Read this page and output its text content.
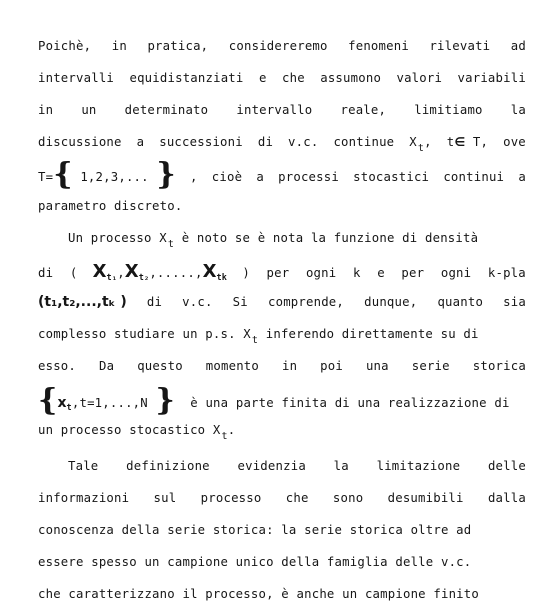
Poichè, in pratica, considereremo fenomeni rilevati ad
intervalli equidistanziati e che assumono valori variabili
in un determinato intervallo reale, limitiamo la
discussione a successioni di v.c. continue $X_t$, t∈ T, ove
T={ 1,2,3,... } , cioè a processi stocastici continui a
parametro discreto.
Un processo $X_t$ è noto se è nota la funzione di densità
di ( $X_{t_1},X_{t_2},.....,X_{tk}$ ) per ogni k e per ogni k-pla
(t₁,t₂,...,tₖ ) di v.c. Si comprende, dunque, quanto sia
complesso studiare un p.s. $X_t$ inferendo direttamente su di
esso. Da questo momento in poi una serie storica
{$x_t,t=1,...,N$ } è una parte finita di una realizzazione di
un processo stocastico $X_t$.
Tale definizione evidenzia la limitazione delle
informazioni sul processo che sono desumibili dalla
conoscenza della serie storica: la serie storica oltre ad
essere spesso un campione unico della famiglia delle v.c.
che caratterizzano il processo, è anche un campione finito
